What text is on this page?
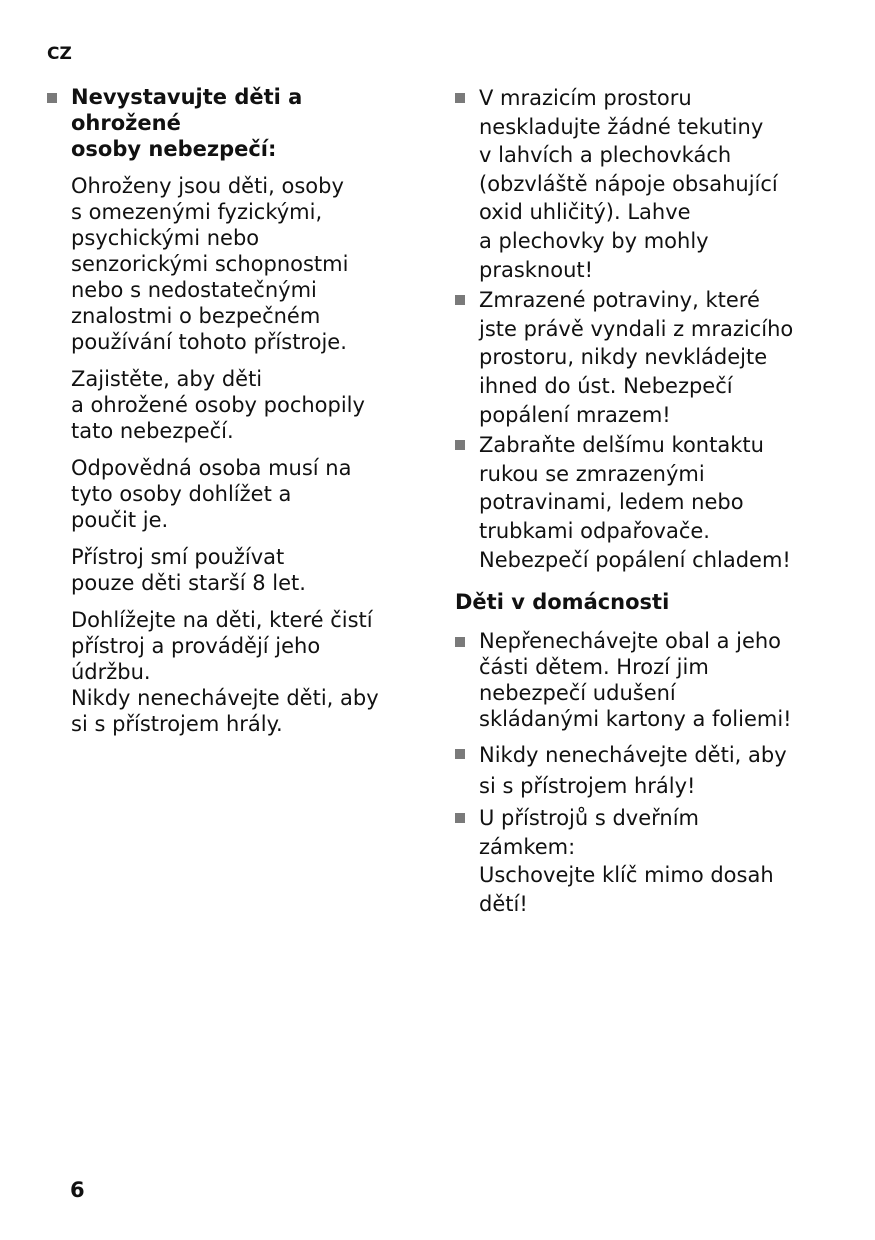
CZ
Nevystavujte děti a ohrožené
osoby nebezpečí:
Ohroženy jsou děti, osoby
s omezenými fyzickými,
psychickými nebo
senzorickými schopnostmi
nebo s nedostatečnými
znalostmi o bezpečném
používání tohoto přístroje.
Zajistěte, aby děti
a ohrožené osoby pochopily
tato nebezpečí.
Odpovědná osoba musí na
tyto osoby dohlížet a
poučit je.
Přístroj smí používat
pouze děti starší 8 let.
Dohlížejte na děti, které čistí
přístroj a provádějí jeho
údržbu.
Nikdy nenechávejte děti, aby
si s přístrojem hrály.
V mrazicím prostoru
neskladujte žádné tekutiny
v lahvích a plechovkách
(obzvláště nápoje obsahující
oxid uhličitý). Lahve
a plechovky by mohly
prasknout!
Zmrazené potraviny, které
jste právě vyndali z mrazicího
prostoru, nikdy nevkládejte
ihned do úst. Nebezpečí
popálení mrazem!
Zabraňte delšímu kontaktu
rukou se zmrazenými
potravinami, ledem nebo
trubkami odpařovače.
Nebezpečí popálení chladem!
Děti v domácnosti
Nepřenechávejte obal a jeho
části dětem. Hrozí jim
nebezpečí udušení
skládanými kartony a foliemi!
Nikdy nenechávejte děti, aby
si s přístrojem hrály!
U přístrojů s dveřním
zámkem:
Uschovejte klíč mimo dosah
dětí!
6
